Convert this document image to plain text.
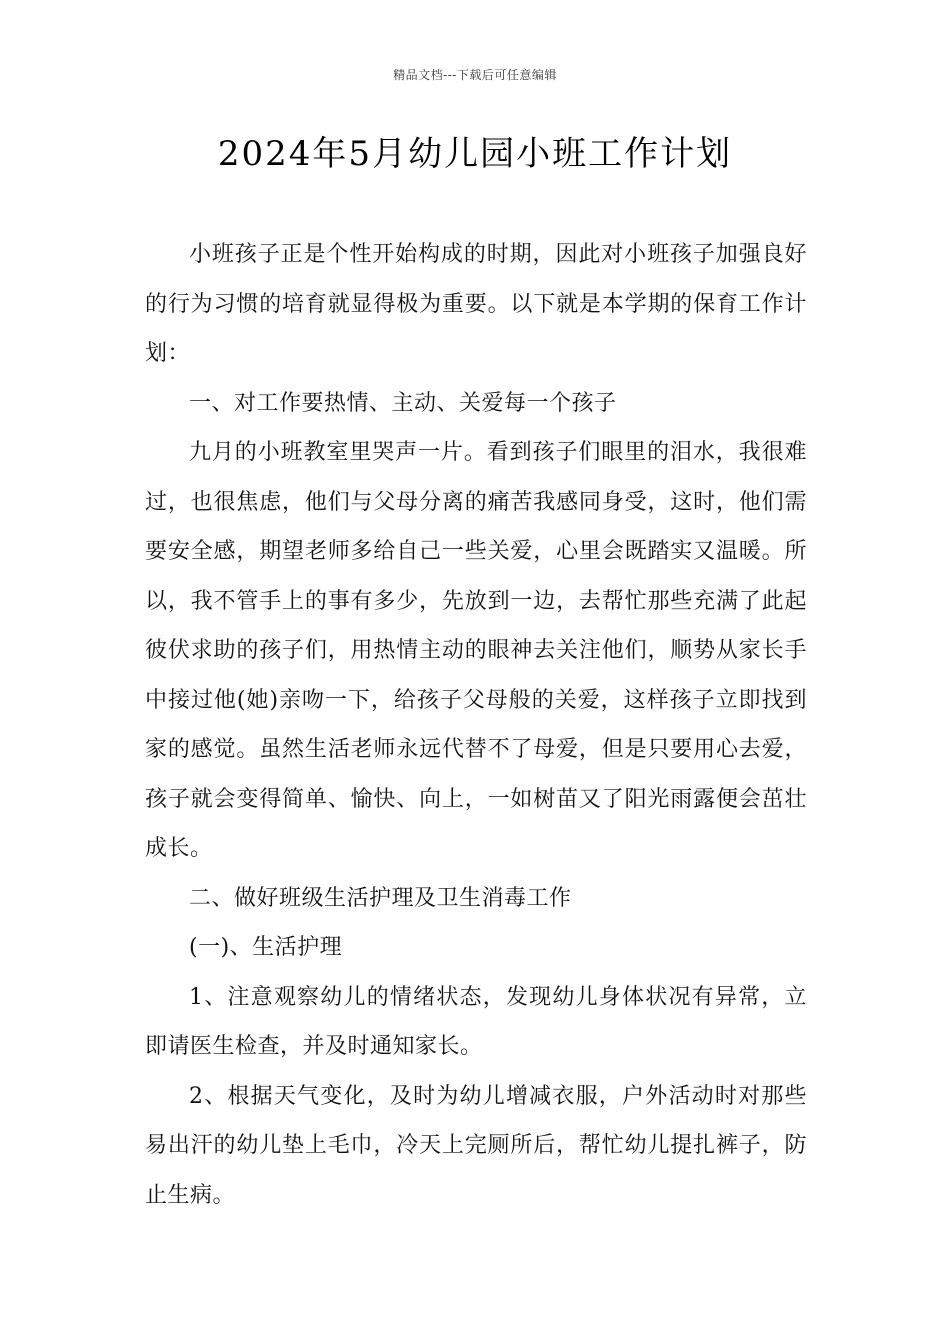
精品文档---下载后可任意编辑
2024年5月幼儿园小班工作计划

小班孩子正是个性开始构成的时期，因此对小班孩子加强良好的行为习惯的培育就显得极为重要。以下就是本学期的保育工作计划：

一、对工作要热情、主动、关爱每一个孩子

九月的小班教室里哭声一片。看到孩子们眼里的泪水，我很难过，也很焦虑，他们与父母分离的痛苦我感同身受，这时，他们需要安全感，期望老师多给自己一些关爱，心里会既踏实又温暖。所以，我不管手上的事有多少，先放到一边，去帮忙那些充满了此起彼伏求助的孩子们，用热情主动的眼神去关注他们，顺势从家长手中接过他(她)亲吻一下，给孩子父母般的关爱，这样孩子立即找到家的感觉。虽然生活老师永远代替不了母爱，但是只要用心去爱，孩子就会变得简单、愉快、向上，一如树苗又了阳光雨露便会茁壮成长。

二、做好班级生活护理及卫生消毒工作

(一)、生活护理

1、注意观察幼儿的情绪状态，发现幼儿身体状况有异常，立即请医生检查，并及时通知家长。

2、根据天气变化，及时为幼儿增减衣服，户外活动时对那些易出汗的幼儿垫上毛巾，冷天上完厕所后，帮忙幼儿提扎裤子，防止生病。
